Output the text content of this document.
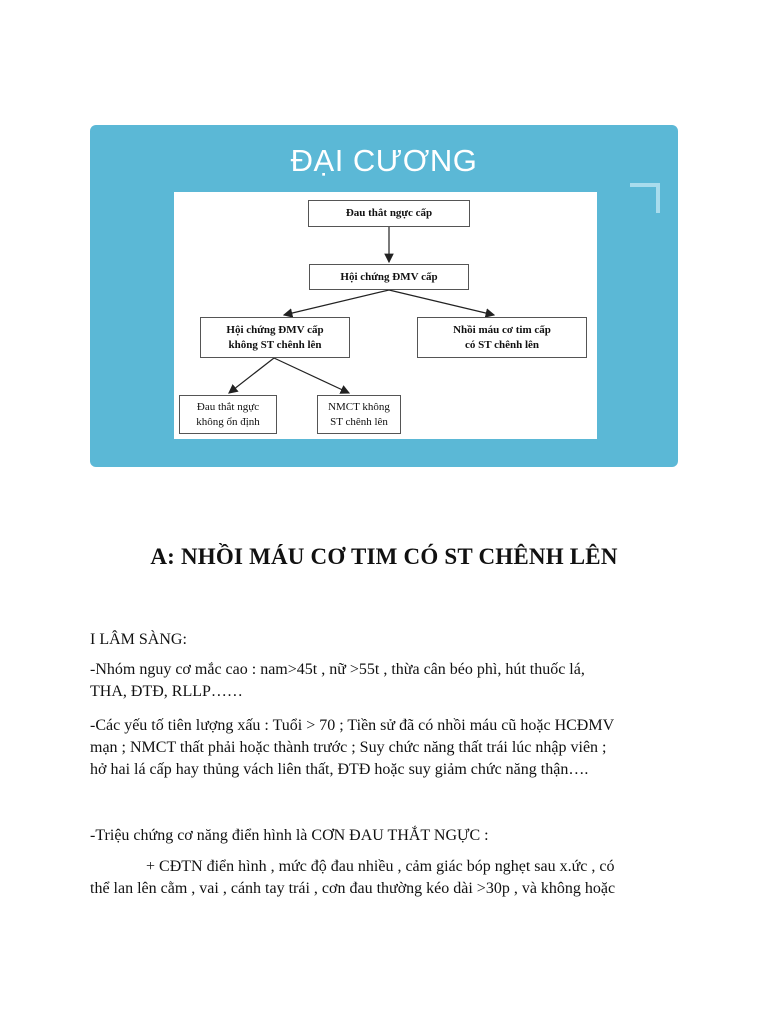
ĐẠI CƯƠNG
Đau thắt ngực cấp
Hội chứng ĐMV cấp
Hội chứng ĐMV cấp
không ST chênh lên
Nhồi máu cơ tim cấp
có ST chênh lên
Đau thắt ngực
không ổn định
NMCT không
ST chênh lên
A: NHỒI MÁU CƠ TIM CÓ ST CHÊNH LÊN
I LÂM SÀNG:
-Nhóm nguy cơ mắc cao : nam>45t , nữ >55t , thừa cân béo phì, hút thuốc lá,
THA, ĐTĐ, RLLP……
-Các yếu tố tiên lượng xấu : Tuổi > 70 ; Tiền sử đã có nhồi máu cũ hoặc HCĐMV
mạn ; NMCT thất phải hoặc thành trước ; Suy chức năng thất trái lúc nhập viên ;
hở hai lá cấp hay thủng vách liên thất, ĐTĐ hoặc suy giảm chức năng thận….
-Triệu chứng cơ năng điển hình là CƠN ĐAU THẮT NGỰC :
+ CĐTN điển hình , mức độ đau nhiều , cảm giác bóp nghẹt sau x.ức , có
thể lan lên cằm , vai , cánh tay trái , cơn đau thường kéo dài >30p , và không hoặc
